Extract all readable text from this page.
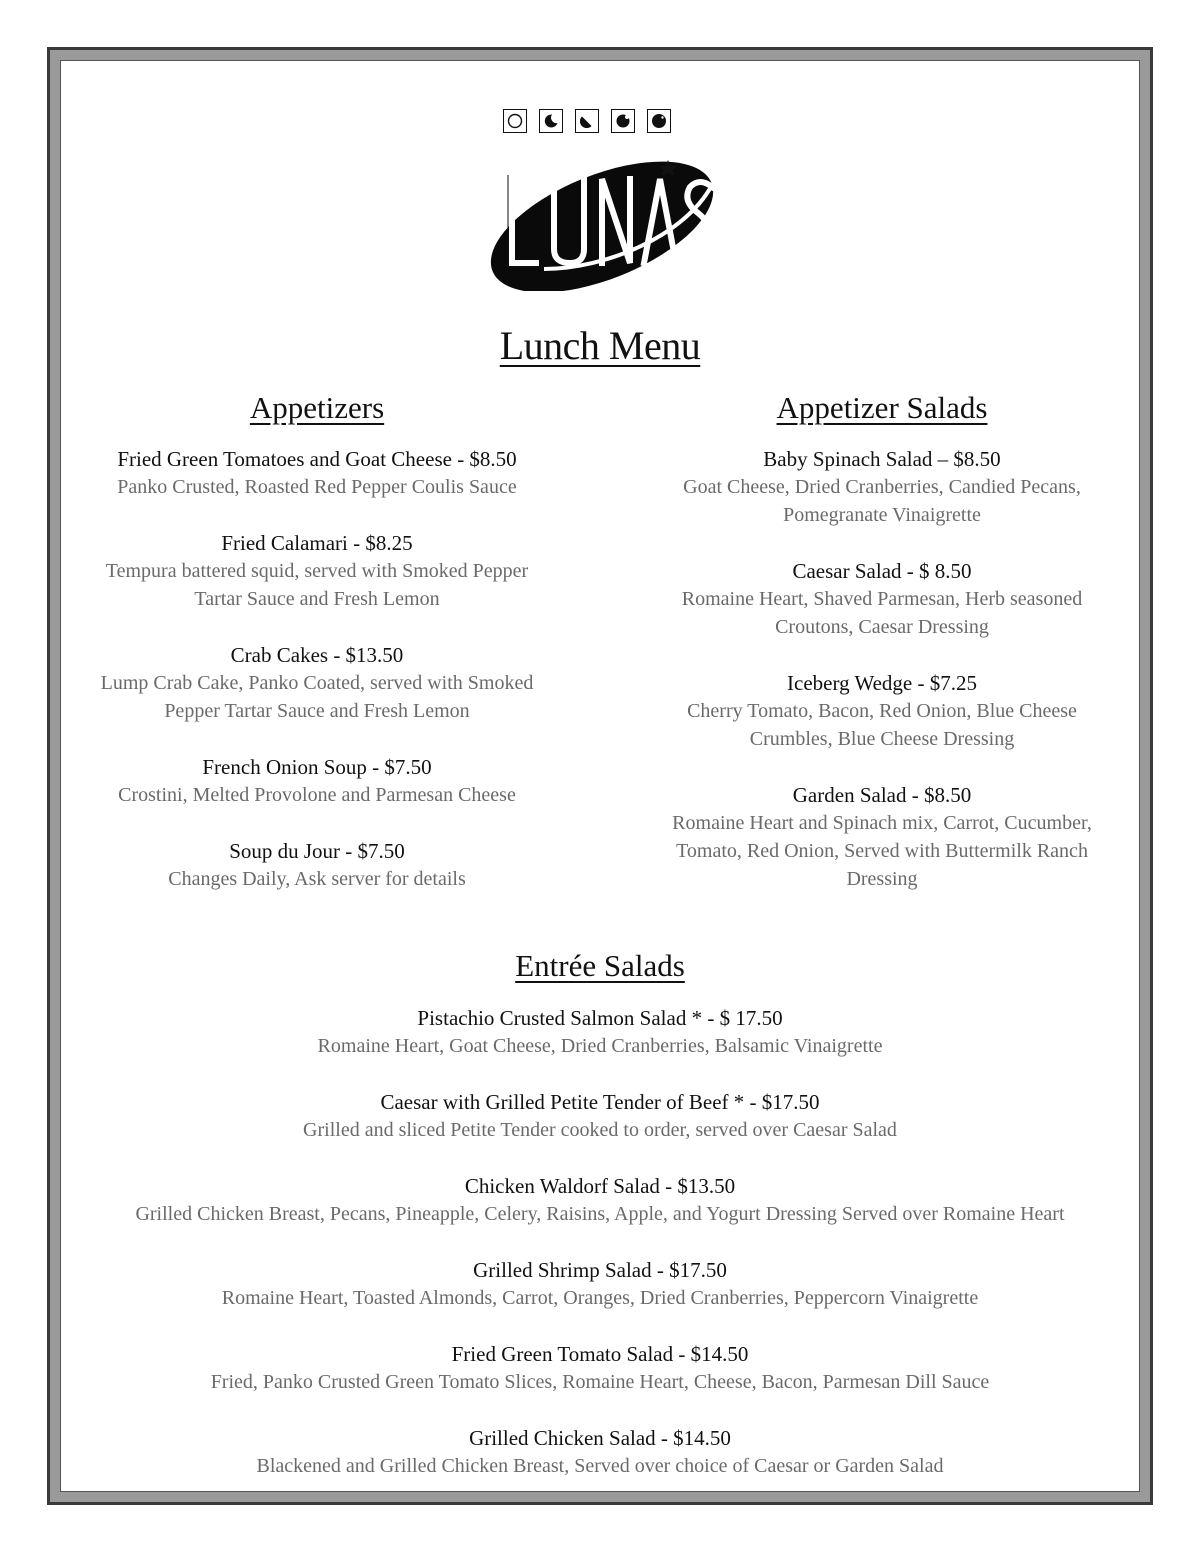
Lunch Menu
Appetizers	Appetizer Salads
Fried Green Tomatoes and Goat Cheese - $8.50
Panko Crusted, Roasted Red Pepper Coulis Sauce
Fried Calamari - $8.25
Tempura battered squid, served with Smoked Pepper
Tartar Sauce and Fresh Lemon
Crab Cakes - $13.50
Lump Crab Cake, Panko Coated, served with Smoked
Pepper Tartar Sauce and Fresh Lemon
French Onion Soup - $7.50
Crostini, Melted Provolone and Parmesan Cheese
Soup du Jour - $7.50
Changes Daily, Ask server for details
Baby Spinach Salad – $8.50
Goat Cheese, Dried Cranberries, Candied Pecans,
Pomegranate Vinaigrette
Caesar Salad - $ 8.50
Romaine Heart, Shaved Parmesan, Herb seasoned
Croutons, Caesar Dressing
Iceberg Wedge - $7.25
Cherry Tomato, Bacon, Red Onion, Blue Cheese
Crumbles, Blue Cheese Dressing
Garden Salad - $8.50
Romaine Heart and Spinach mix, Carrot, Cucumber,
Tomato, Red Onion, Served with Buttermilk Ranch
Dressing
Entrée Salads
Pistachio Crusted Salmon Salad * - $ 17.50
Romaine Heart, Goat Cheese, Dried Cranberries, Balsamic Vinaigrette
Caesar with Grilled Petite Tender of Beef * - $17.50
Grilled and sliced Petite Tender cooked to order, served over Caesar Salad
Chicken Waldorf Salad - $13.50
Grilled Chicken Breast, Pecans, Pineapple, Celery, Raisins, Apple, and Yogurt Dressing Served over Romaine Heart
Grilled Shrimp Salad - $17.50
Romaine Heart, Toasted Almonds, Carrot, Oranges, Dried Cranberries, Peppercorn Vinaigrette
Fried Green Tomato Salad - $14.50
Fried, Panko Crusted Green Tomato Slices, Romaine Heart, Cheese, Bacon, Parmesan Dill Sauce
Grilled Chicken Salad - $14.50
Blackened and Grilled Chicken Breast, Served over choice of Caesar or Garden Salad
